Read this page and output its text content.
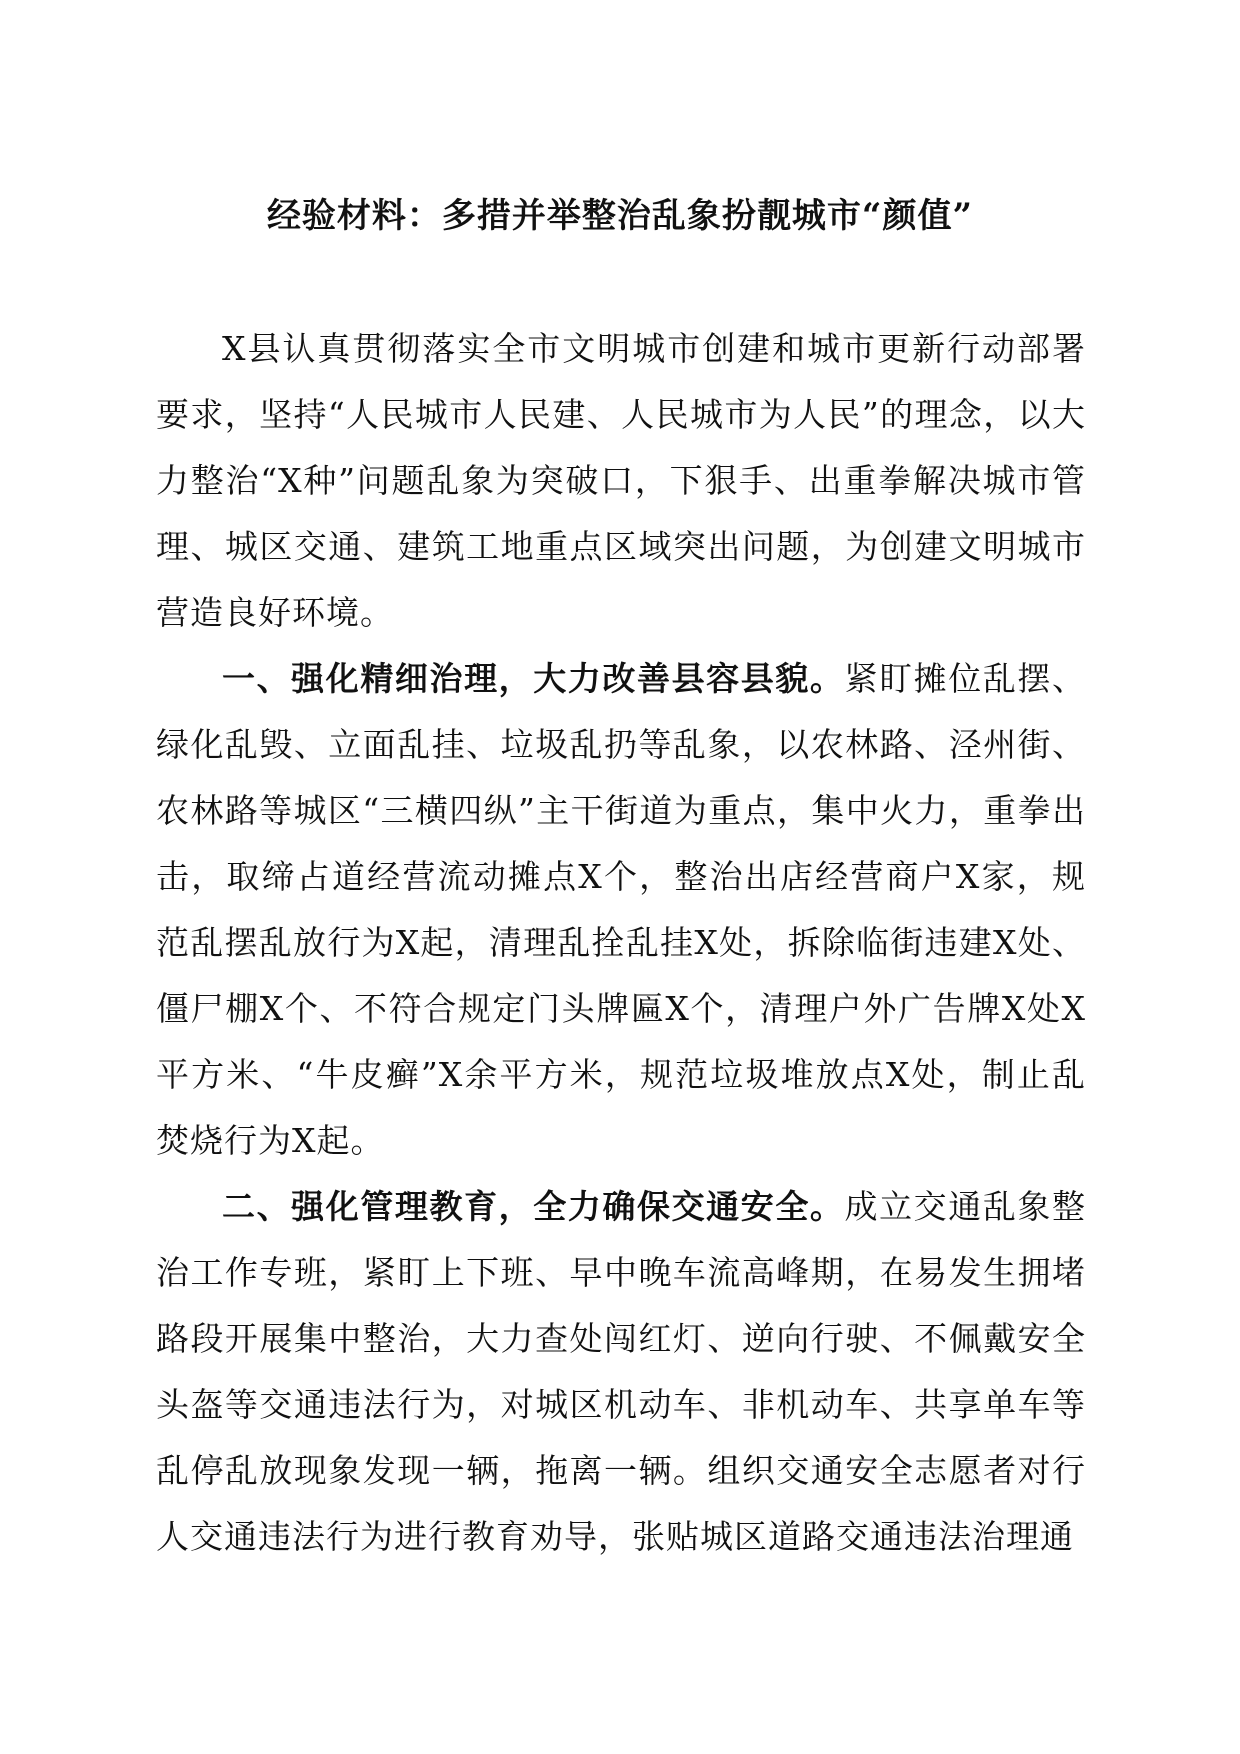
经验材料：多措并举整治乱象扮靓城市“颜值”

X县认真贯彻落实全市文明城市创建和城市更新行动部署要求，坚持“人民城市人民建、人民城市为人民”的理念，以大力整治“X种”问题乱象为突破口，下狠手、出重拳解决城市管理、城区交通、建筑工地重点区域突出问题，为创建文明城市营造良好环境。

一、强化精细治理，大力改善县容县貌。紧盯摊位乱摆、绿化乱毁、立面乱挂、垃圾乱扔等乱象，以农林路、泾州街、农林路等城区“三横四纵”主干街道为重点，集中火力，重拳出击，取缔占道经营流动摊点X个，整治出店经营商户X家，规范乱摆乱放行为X起，清理乱拴乱挂X处，拆除临街违建X处、僵尸棚X个、不符合规定门头牌匾X个，清理户外广告牌X处X平方米、“牛皮癣”X余平方米，规范垃圾堆放点X处，制止乱焚烧行为X起。

二、强化管理教育，全力确保交通安全。成立交通乱象整治工作专班，紧盯上下班、早中晚车流高峰期，在易发生拥堵路段开展集中整治，大力查处闯红灯、逆向行驶、不佩戴安全头盔等交通违法行为，对城区机动车、非机动车、共享单车等乱停乱放现象发现一辆，拖离一辆。组织交通安全志愿者对行人交通违法行为进行教育劝导，张贴城区道路交通违法治理通
